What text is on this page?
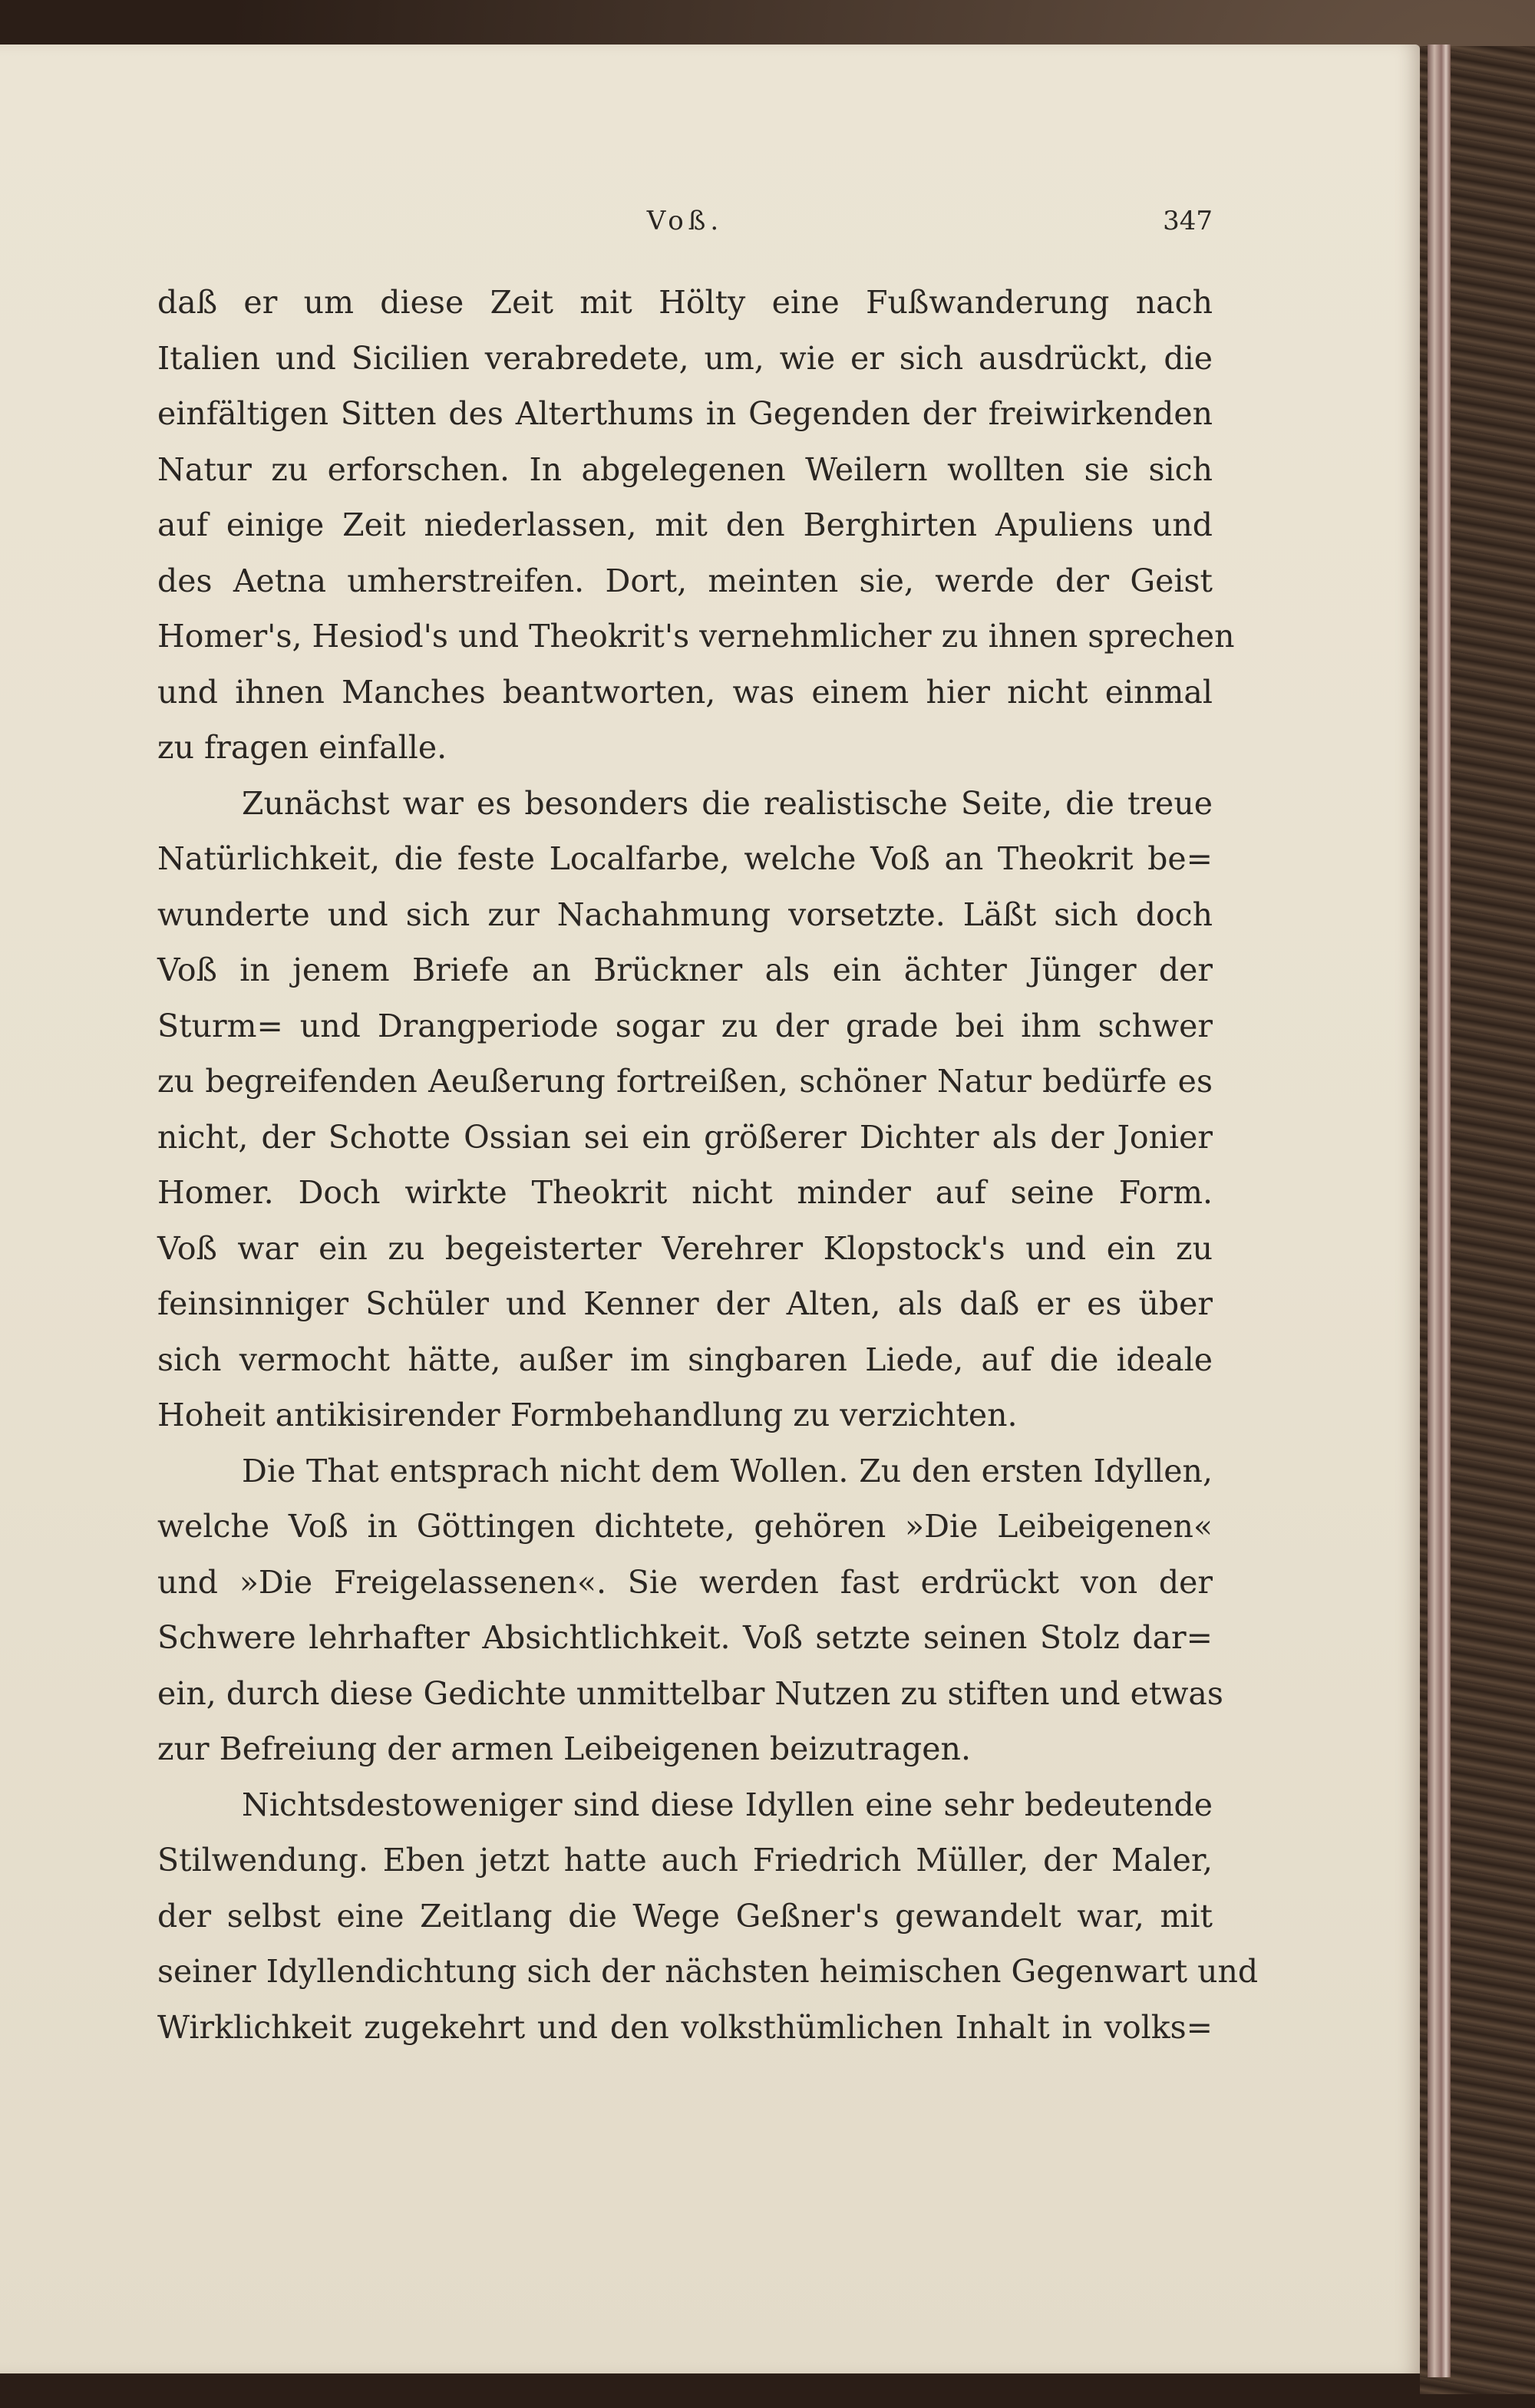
Voß.	347

daß er um diese Zeit mit Hölty eine Fußwanderung nach
Italien und Sicilien verabredete, um, wie er sich ausdrückt, die
einfältigen Sitten des Alterthums in Gegenden der freiwirkenden
Natur zu erforschen. In abgelegenen Weilern wollten sie sich
auf einige Zeit niederlassen, mit den Berghirten Apuliens und
des Aetna umherstreifen. Dort, meinten sie, werde der Geist
Homer's, Hesiod's und Theokrit's vernehmlicher zu ihnen sprechen
und ihnen Manches beantworten, was einem hier nicht einmal
zu fragen einfalle.

Zunächst war es besonders die realistische Seite, die treue
Natürlichkeit, die feste Localfarbe, welche Voß an Theokrit be=
wunderte und sich zur Nachahmung vorsetzte. Läßt sich doch
Voß in jenem Briefe an Brückner als ein ächter Jünger der
Sturm= und Drangperiode sogar zu der grade bei ihm schwer
zu begreifenden Aeußerung fortreißen, schöner Natur bedürfe es
nicht, der Schotte Ossian sei ein größerer Dichter als der Jonier
Homer. Doch wirkte Theokrit nicht minder auf seine Form.
Voß war ein zu begeisterter Verehrer Klopstock's und ein zu
feinsinniger Schüler und Kenner der Alten, als daß er es über
sich vermocht hätte, außer im singbaren Liede, auf die ideale
Hoheit antikisirender Formbehandlung zu verzichten.

Die That entsprach nicht dem Wollen. Zu den ersten Idyllen,
welche Voß in Göttingen dichtete, gehören »Die Leibeigenen«
und »Die Freigelassenen«. Sie werden fast erdrückt von der
Schwere lehrhafter Absichtlichkeit. Voß setzte seinen Stolz dar=
ein, durch diese Gedichte unmittelbar Nutzen zu stiften und etwas
zur Befreiung der armen Leibeigenen beizutragen.

Nichtsdestoweniger sind diese Idyllen eine sehr bedeutende
Stilwendung. Eben jetzt hatte auch Friedrich Müller, der Maler,
der selbst eine Zeitlang die Wege Geßner's gewandelt war, mit
seiner Idyllendichtung sich der nächsten heimischen Gegenwart und
Wirklichkeit zugekehrt und den volksthümlichen Inhalt in volks=
